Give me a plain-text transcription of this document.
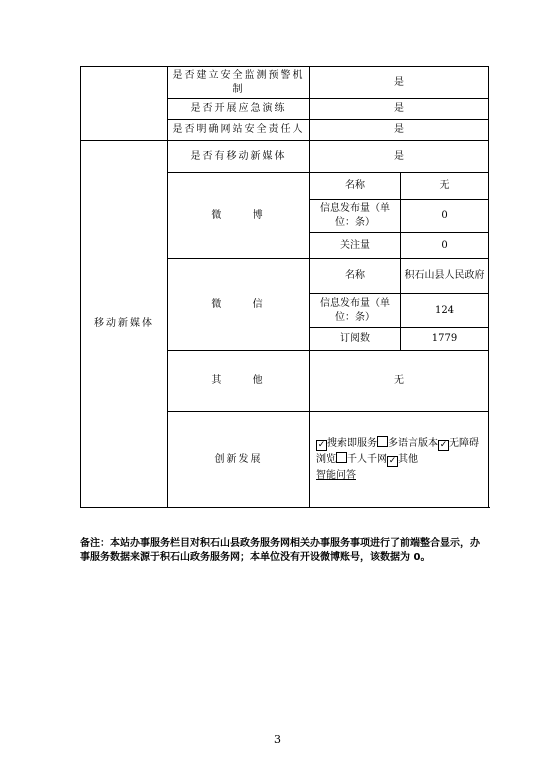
	是否建立安全监测预警机制	是	
	是否开展应急演练	是	
	是否明确网站安全责任人	是	
移动新媒体	是否有移动新媒体	是	
	微 博	名称	无
		信息发布量（单位：条）	0
		关注量	0
	微 信	名称	积石山县人民政府
		信息发布量（单位：条）	124
		订阅数	1779
	其 他	无	
	创新发展	✓ 搜索即服务 多语言版本 ✓ 无障碍浏览 千人千网 ✓ 其他
智能问答	
备注：本站办事服务栏目对积石山县政务服务网相关办事服务事项进行了前端整合显示，办事服务数据来源于积石山政务服务网；本单位没有开设微博账号，该数据为 0。
3
